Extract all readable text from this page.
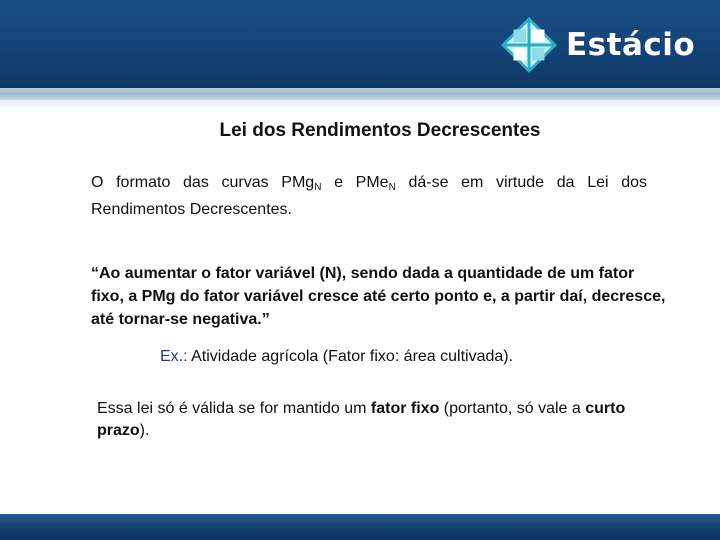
Estácio
Lei dos Rendimentos Decrescentes

O formato das curvas PMg$_N$ e PMe$_N$ dá-se em virtude da Lei dos Rendimentos Decrescentes.

“Ao aumentar o fator variável (N), sendo dada a quantidade de um fator fixo, a PMg do fator variável cresce até certo ponto e, a partir daí, decresce, até tornar-se negativa.”

Ex.: Atividade agrícola (Fator fixo: área cultivada).

Essa lei só é válida se for mantido um fator fixo (portanto, só vale a curto prazo).
